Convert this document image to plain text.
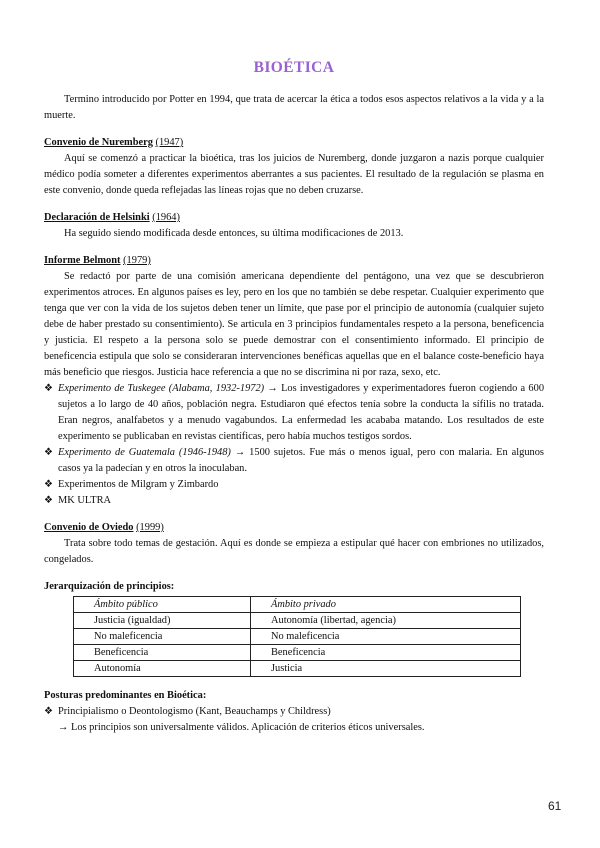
BIOÉTICA

Termino introducido por Potter en 1994, que trata de acercar la ética a todos esos aspectos relativos a la vida y a la muerte.

Convenio de Nuremberg (1947)

Aquí se comenzó a practicar la bioética, tras los juicios de Nuremberg, donde juzgaron a nazis porque cualquier médico podía someter a diferentes experimentos aberrantes a sus pacientes. El resultado de la regulación se plasma en este convenio, donde queda reflejadas las líneas rojas que no deben cruzarse.

Declaración de Helsinki (1964)

Ha seguido siendo modificada desde entonces, su última modificaciones de 2013.

Informe Belmont (1979)

Se redactó por parte de una comisión americana dependiente del pentágono, una vez que se descubrieron experimentos atroces. En algunos países es ley, pero en los que no también se debe respetar. Cualquier experimento que tenga que ver con la vida de los sujetos deben tener un límite, que pase por el principio de autonomía (cualquier sujeto debe de haber prestado su consentimiento). Se articula en 3 principios fundamentales respeto a la persona, beneficencia y justicia. El respeto a la persona solo se puede demostrar con el consentimiento informado. El principio de beneficencia estipula que solo se consideraran intervenciones benéficas aquellas que en el balance coste-beneficio haya más beneficio que riesgos. Justicia hace referencia a que no se discrimina ni por raza, sexo, etc.

❖ Experimento de Tuskegee (Alabama, 1932-1972) → Los investigadores y experimentadores fueron cogiendo a 600 sujetos a lo largo de 40 años, población negra. Estudiaron qué efectos tenía sobre la conducta la sífilis no tratada. Eran negros, analfabetos y a menudo vagabundos. La enfermedad les acababa matando. Los resultados de este experimento se publicaban en revistas científicas, pero había muchos testigos sordos.
❖ Experimento de Guatemala (1946-1948) → 1500 sujetos. Fue más o menos igual, pero con malaria. En algunos casos ya la padecían y en otros la inoculaban.
❖ Experimentos de Milgram y Zimbardo
❖ MK ULTRA
Convenio de Oviedo (1999)

Trata sobre todo temas de gestación. Aquí es donde se empieza a estipular qué hacer con embriones no utilizados, congelados.

Jerarquización de principios:
Ámbito público	Ámbito privado
Justicia (igualdad)	Autonomía (libertad, agencia)
No maleficencia	No maleficencia
Beneficencia	Beneficencia
Autonomía	Justicia
Posturas predominantes en Bioética:
❖ Principialismo o Deontologismo (Kant, Beauchamps y Childress)
→ Los principios son universalmente válidos. Aplicación de criterios éticos universales.
61
